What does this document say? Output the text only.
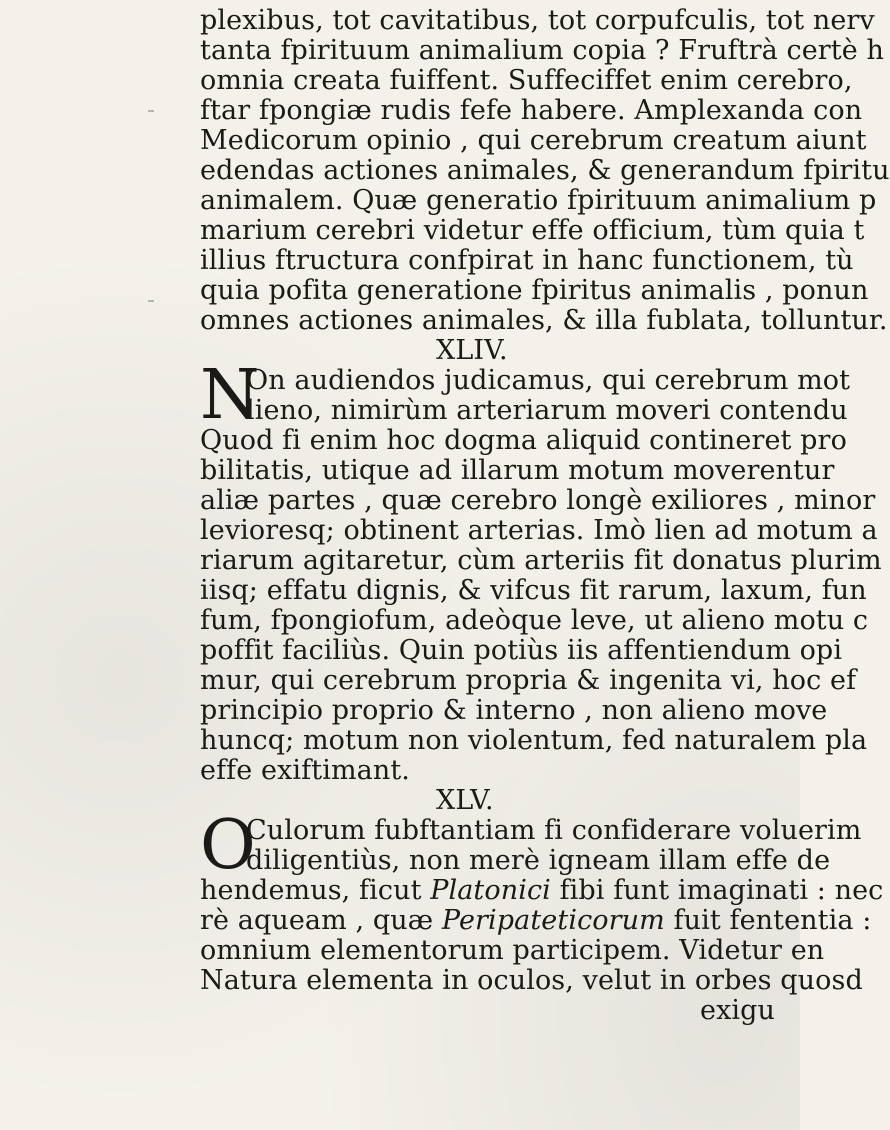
plexibus, tot cavitatibus, tot corpufculis, tot nerv
tanta fpirituum animalium copia ? Fruftrà certè h
omnia creata fuiffent. Suffeciffet enim cerebro,
ftar fpongiæ rudis fefe habere. Amplexanda con
Medicorum opinio , qui cerebrum creatum aiunt
edendas actiones animales, & generandum fpiritu
animalem. Quæ generatio fpirituum animalium p
marium cerebri videtur effe officium, tùm quia t
illius ftructura confpirat in hanc functionem, tù
quia pofita generatione fpiritus animalis , ponun
omnes actiones animales, & illa fublata, tolluntur.
XLIV.
N
On audiendos judicamus, qui cerebrum mot
lieno, nimirùm arteriarum moveri contendu
Quod fi enim hoc dogma aliquid contineret pro
bilitatis, utique ad illarum motum moverentur
aliæ partes , quæ cerebro longè exiliores , minor
levioresq; obtinent arterias. Imò lien ad motum a
riarum agitaretur, cùm arteriis fit donatus plurim
iisq; effatu dignis, & vifcus fit rarum, laxum, fun
fum, fpongiofum, adeòque leve, ut alieno motu c
poffit faciliùs. Quin potiùs iis affentiendum opi
mur, qui cerebrum propria & ingenita vi, hoc ef
principio proprio & interno , non alieno move
huncq; motum non violentum, fed naturalem pla
effe exiftimant.
XLV.
O
Culorum fubftantiam fi confiderare voluerim
diligentiùs, non merè igneam illam effe de
hendemus, ficut Platonici fibi funt imaginati : nec
rè aqueam , quæ Peripateticorum fuit fententia :
omnium elementorum participem. Videtur en
Natura elementa in oculos, velut in orbes quosd
exigu
